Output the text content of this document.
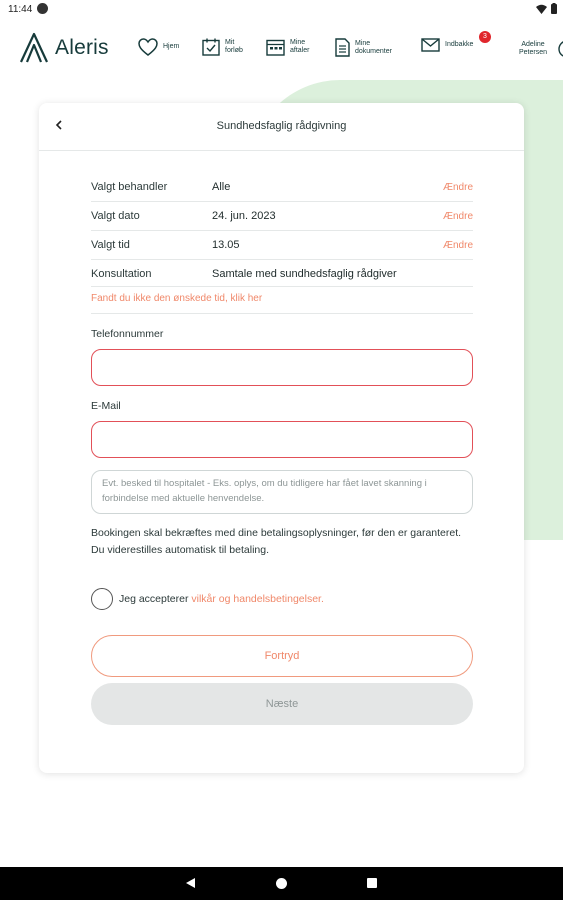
11:44
Aleris	Hjem
Mit forløb
Mine aftaler
Mine dokumenter
Indbakke
3
Adeline Petersen
Sundhedsfaglig rådgivning
Valgt behandler	Alle	Ændre
Valgt dato	24. jun. 2023	Ændre
Valgt tid	13.05	Ændre
Konsultation	Samtale med sundhedsfaglig rådgiver
Fandt du ikke den ønskede tid, klik her
Telefonnummer
E-Mail
Evt. besked til hospitalet - Eks. oplys, om du tidligere har fået lavet skanning i forbindelse med aktuelle henvendelse.
Bookingen skal bekræftes med dine betalingsoplysninger, før den er garanteret. Du viderestilles automatisk til betaling.
Jeg accepterer vilkår og handelsbetingelser.
Fortryd
Næste
